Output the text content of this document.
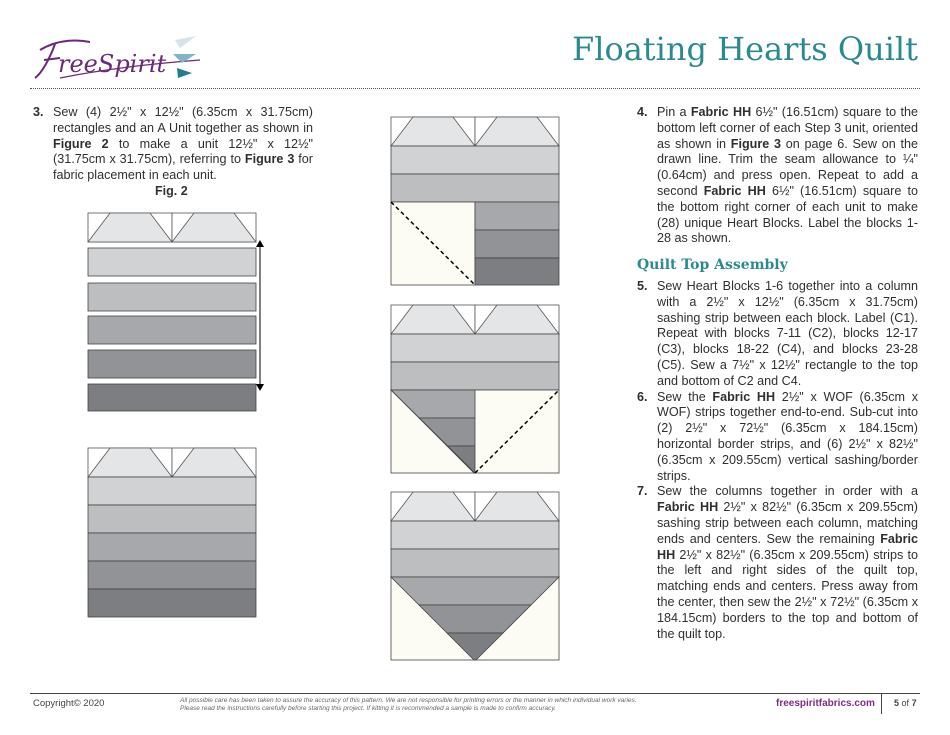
reeSpirit	Floating Hearts Quilt
3. Sew (4) 2½" x 12½" (6.35cm x 31.75cm) rectangles and an A Unit together as shown in Figure 2 to make a unit 12½" x 12½" (31.75cm x 31.75cm), referring to Figure 3 for fabric placement in each unit.
Fig. 2
4. Pin a Fabric HH 6½" (16.51cm) square to the bottom left corner of each Step 3 unit, oriented as shown in Figure 3 on page 6. Sew on the drawn line. Trim the seam allowance to ¼" (0.64cm) and press open. Repeat to add a second Fabric HH 6½" (16.51cm) square to the bottom right corner of each unit to make (28) unique Heart Blocks. Label the blocks 1-28 as shown.
Quilt Top Assembly
5. Sew Heart Blocks 1-6 together into a column with a 2½" x 12½" (6.35cm x 31.75cm) sashing strip between each block. Label (C1). Repeat with blocks 7-11 (C2), blocks 12-17 (C3), blocks 18-22 (C4), and blocks 23-28 (C5). Sew a 7½" x 12½" rectangle to the top and bottom of C2 and C4.
6. Sew the Fabric HH 2½" x WOF (6.35cm x WOF) strips together end-to-end. Sub-cut into (2) 2½" x 72½" (6.35cm x 184.15cm) horizontal border strips, and (6) 2½" x 82½" (6.35cm x 209.55cm) vertical sashing/border strips.
7. Sew the columns together in order with a Fabric HH 2½" x 82½" (6.35cm x 209.55cm) sashing strip between each column, matching ends and centers. Sew the remaining Fabric HH 2½" x 82½" (6.35cm x 209.55cm) strips to the left and right sides of the quilt top, matching ends and centers. Press away from the center, then sew the 2½" x 72½" (6.35cm x 184.15cm) borders to the top and bottom of the quilt top.
Copyright© 2020	All possible care has been taken to assure the accuracy of this pattern. We are not responsible for printing errors or the manner in which individual work varies.
Please read the instructions carefully before starting this project. If kitting it is recommended a sample is made to confirm accuracy.	freespiritfabrics.com 5 of 7
